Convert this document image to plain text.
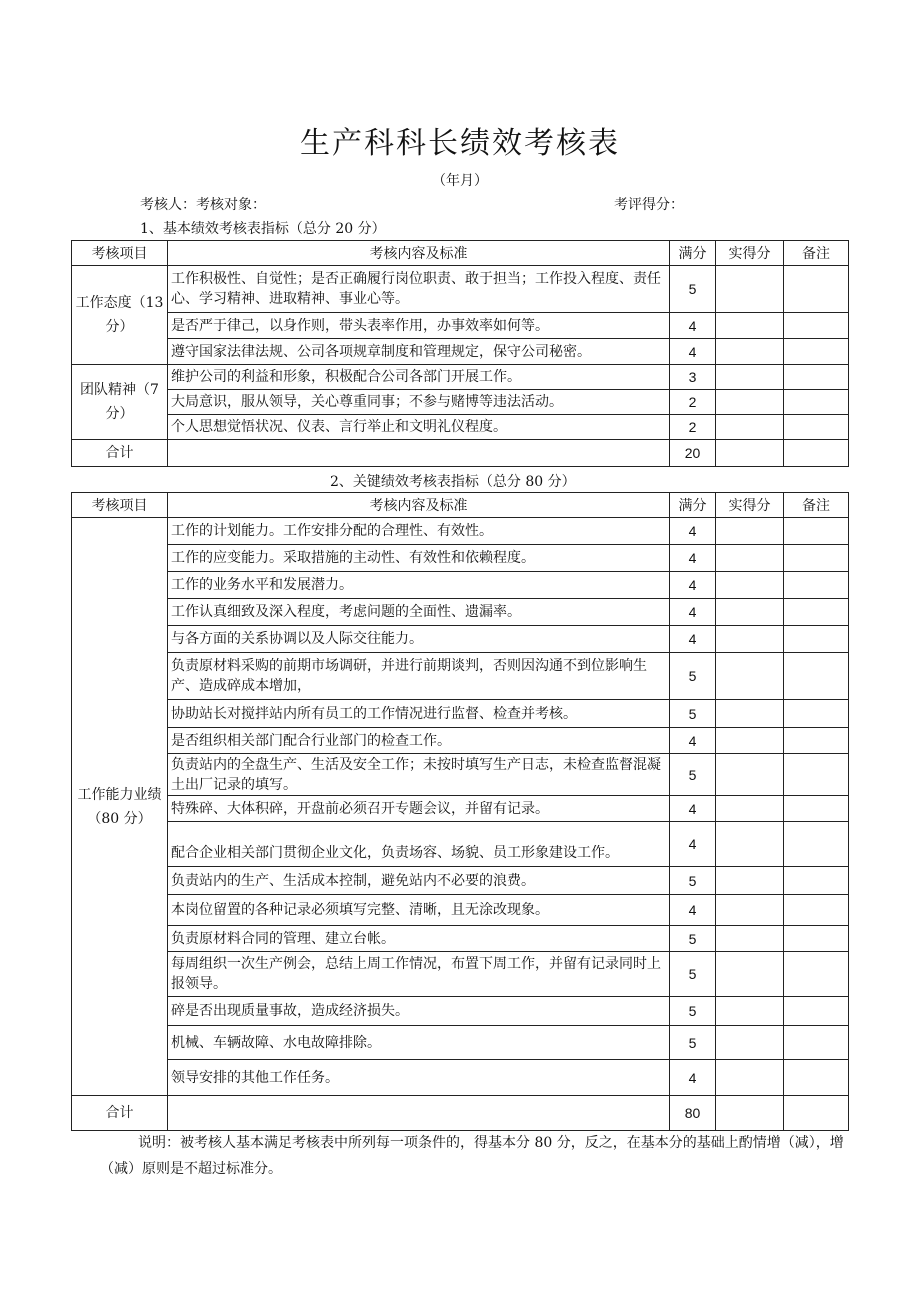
生产科科长绩效考核表
（年月）
考核人：考核对象：	考评得分：
1、基本绩效考核表指标（总分 20 分）
考核项目	考核内容及标准	满分	实得分	备注
工作态度（13 分）	工作积极性、自觉性；是否正确履行岗位职责、敢于担当；工作投入程度、责任心、学习精神、进取精神、事业心等。	5		
	是否严于律己，以身作则，带头表率作用，办事效率如何等。	4		
	遵守国家法律法规、公司各项规章制度和管理规定，保守公司秘密。	4		
团队精神（7 分）	维护公司的利益和形象，积极配合公司各部门开展工作。	3		
	大局意识，服从领导，关心尊重同事；不参与赌博等违法活动。	2		
	个人思想觉悟状况、仪表、言行举止和文明礼仪程度。	2		
合计		20		
2、关键绩效考核表指标（总分 80 分）
考核项目	考核内容及标准	满分	实得分	备注
工作能力业绩（80 分）	工作的计划能力。工作安排分配的合理性、有效性。	4		
	工作的应变能力。采取措施的主动性、有效性和依赖程度。	4		
	工作的业务水平和发展潜力。	4		
	工作认真细致及深入程度，考虑问题的全面性、遗漏率。	4		
	与各方面的关系协调以及人际交往能力。	4		
	负责原材料采购的前期市场调研，并进行前期谈判，否则因沟通不到位影响生产、造成碎成本增加，	5		
	协助站长对搅拌站内所有员工的工作情况进行监督、检查并考核。	5		
	是否组织相关部门配合行业部门的检查工作。	4		
	负责站内的全盘生产、生活及安全工作；未按时填写生产日志，未检查监督混凝土出厂记录的填写。	5		
	特殊碎、大体积碎，开盘前必须召开专题会议，并留有记录。	4		
	配合企业相关部门贯彻企业文化，负责场容、场貌、员工形象建设工作。	4		
	负责站内的生产、生活成本控制，避免站内不必要的浪费。	5		
	本岗位留置的各种记录必须填写完整、清晰，且无涂改现象。	4		
	负责原材料合同的管理、建立台帐。	5		
	每周组织一次生产例会，总结上周工作情况，布置下周工作，并留有记录同时上报领导。	5		
	碎是否出现质量事故，造成经济损失。	5		
	机械、车辆故障、水电故障排除。	5		
	领导安排的其他工作任务。	4		
合计		80		
说明：被考核人基本满足考核表中所列每一项条件的，得基本分 80 分，反之，在基本分的基础上酌情增（减），增（减）原则是不超过标准分。
